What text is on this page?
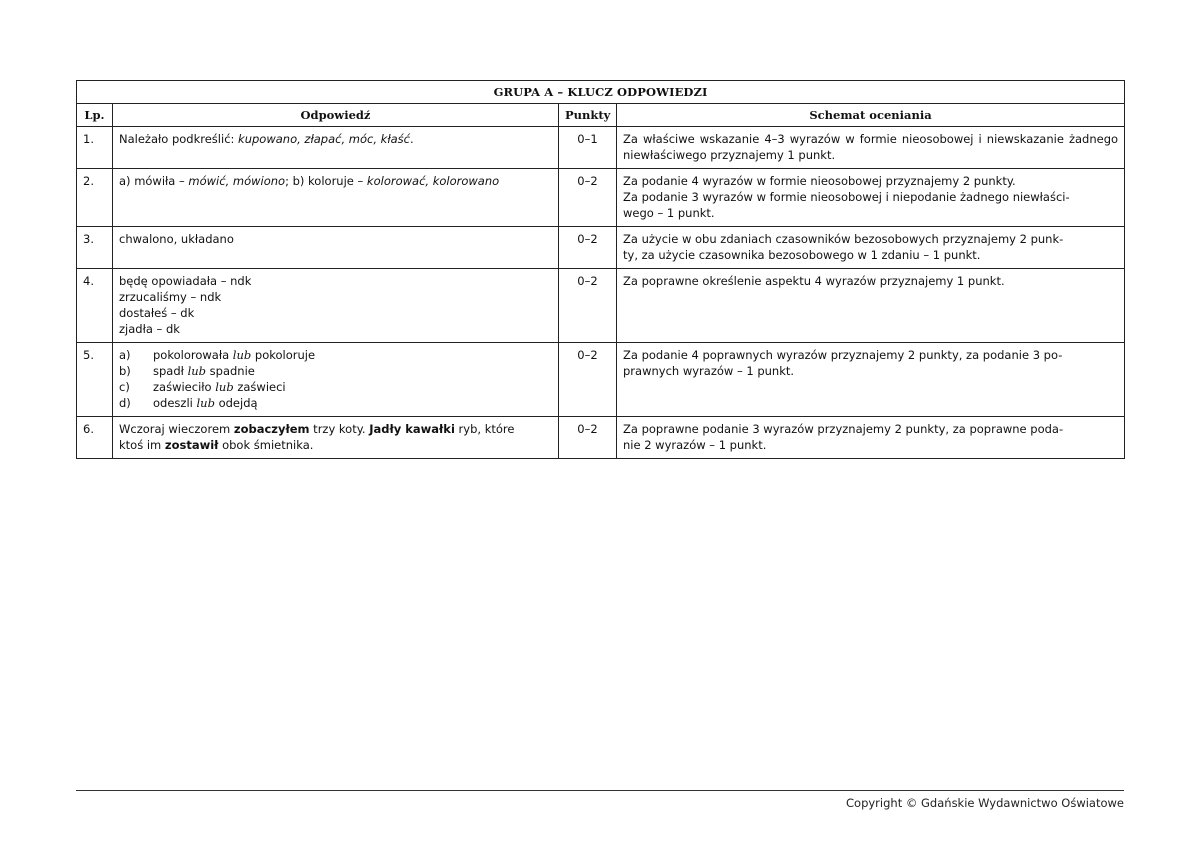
GRUPA A – KLUCZ ODPOWIEDZI			
Lp.	Odpowiedź	Punkty	Schemat oceniania
1.	Należało podkreślić: kupowano, złapać, móc, kłaść.	0–1	Za właściwe wskazanie 4–3 wyrazów w formie nieosobowej i niewskazanie żadnego niewłaściwego przyznajemy 1 punkt.
2.	a) mówiła – mówić, mówiono; b) koloruje – kolorować, kolorowano	0–2	Za podanie 4 wyrazów w formie nieosobowej przyznajemy 2 punkty.
Za podanie 3 wyrazów w formie nieosobowej i niepodanie żadnego niewłaści-
wego – 1 punkt.

3.	chwalono, układano	0–2	Za użycie w obu zdaniach czasowników bezosobowych przyznajemy 2 punk-
ty, za użycie czasownika bezosobowego w 1 zdaniu – 1 punkt.

4.	będę opowiadała – ndk
zrzucaliśmy – ndk
dostałeś – dk
zjadła – dk	0–2	Za poprawne określenie aspektu 4 wyrazów przyznajemy 1 punkt.
5.	a) pokolorowała lub pokoloruje
b) spadł lub spadnie
c) zaświeciło lub zaświeci
d) odeszli lub odejdą	0–2	Za podanie 4 poprawnych wyrazów przyznajemy 2 punkty, za podanie 3 po-
prawnych wyrazów – 1 punkt.

6.	Wczoraj wieczorem zobaczyłem trzy koty. Jadły kawałki ryb, które
ktoś im zostawił obok śmietnika.	0–2	Za poprawne podanie 3 wyrazów przyznajemy 2 punkty, za poprawne poda-
nie 2 wyrazów – 1 punkt.
Copyright © Gdańskie Wydawnictwo Oświatowe
